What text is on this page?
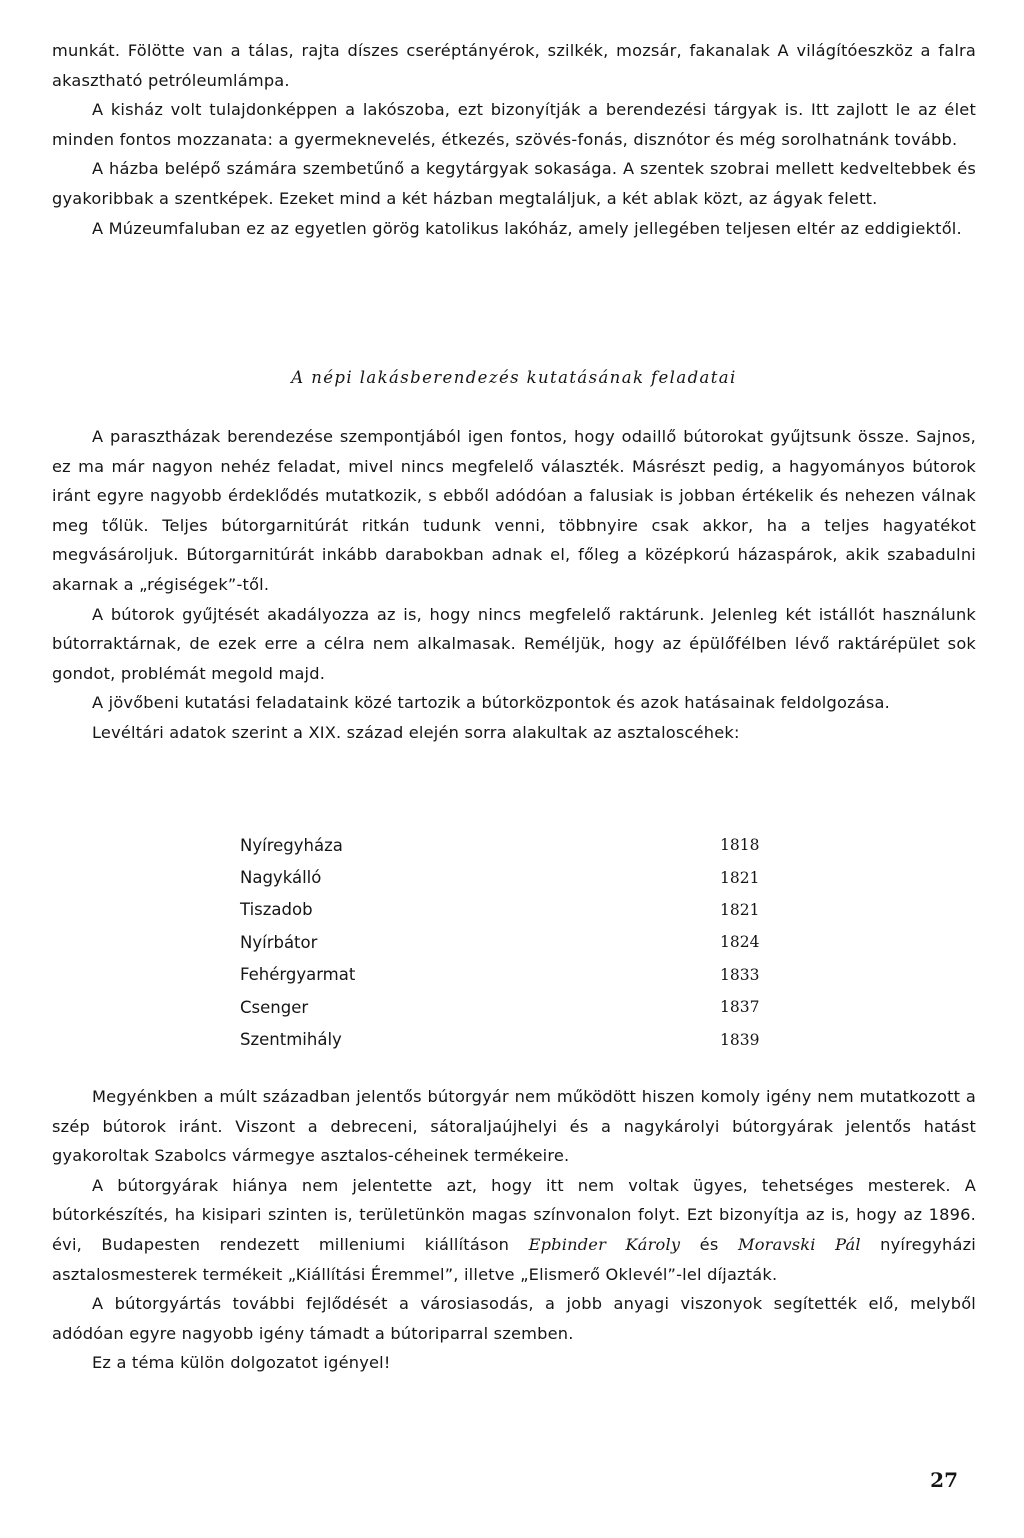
munkát. Fölötte van a tálas, rajta díszes cseréptányérok, szilkék, mozsár, fakanalak A világítóeszköz a falra akasztható petróleumlámpa.

A kisház volt tulajdonképpen a lakószoba, ezt bizonyítják a berendezési tárgyak is. Itt zajlott le az élet minden fontos mozzanata: a gyermeknevelés, étkezés, szövés-fonás, disznótor és még sorolhatnánk tovább.

A házba belépő számára szembetűnő a kegytárgyak sokasága. A szentek szobrai mellett kedveltebbek és gyakoribbak a szentképek. Ezeket mind a két házban megtaláljuk, a két ablak közt, az ágyak felett.

A Múzeumfaluban ez az egyetlen görög katolikus lakóház, amely jellegében teljesen eltér az eddigiektől.

A népi lakásberendezés kutatásának feladatai

A parasztházak berendezése szempontjából igen fontos, hogy odaillő bútorokat gyűjtsunk össze. Sajnos, ez ma már nagyon nehéz feladat, mivel nincs megfelelő választék. Másrészt pedig, a hagyományos bútorok iránt egyre nagyobb érdeklődés mutatkozik, s ebből adódóan a falusiak is jobban értékelik és nehezen válnak meg tőlük. Teljes bútorgarnitúrát ritkán tudunk venni, többnyire csak akkor, ha a teljes hagyatékot megvásároljuk. Bútorgarnitúrát inkább darabokban adnak el, főleg a középkorú házaspárok, akik szabadulni akarnak a „régiségek”-től.

A bútorok gyűjtését akadályozza az is, hogy nincs megfelelő raktárunk. Jelenleg két istállót használunk bútorraktárnak, de ezek erre a célra nem alkalmasak. Reméljük, hogy az épülőfélben lévő raktárépület sok gondot, problémát megold majd.

A jövőbeni kutatási feladataink közé tartozik a bútorközpontok és azok hatásainak feldolgozása.

Levéltári adatok szerint a XIX. század elején sorra alakultak az asztaloscéhek:

Nyíregyháza	1818
Nagykálló	1821
Tiszadob	1821
Nyírbátor	1824
Fehérgyarmat	1833
Csenger	1837
Szentmihály	1839

Megyénkben a múlt században jelentős bútorgyár nem működött hiszen komoly igény nem mutatkozott a szép bútorok iránt. Viszont a debreceni, sátoraljaújhelyi és a nagykárolyi bútorgyárak jelentős hatást gyakoroltak Szabolcs vármegye asztalos-céheinek termékeire.

A bútorgyárak hiánya nem jelentette azt, hogy itt nem voltak ügyes, tehetséges mesterek. A bútorkészítés, ha kisipari szinten is, területünkön magas színvonalon folyt. Ezt bizonyítja az is, hogy az 1896. évi, Budapesten rendezett milleniumi kiállításon Epbinder Károly és Moravski Pál nyíregyházi asztalosmesterek termékeit „Kiállítási Éremmel”, illetve „Elismerő Oklevél”-lel díjazták.

A bútorgyártás további fejlődését a városiasodás, a jobb anyagi viszonyok segítették elő, melyből adódóan egyre nagyobb igény támadt a bútoriparral szemben.

Ez a téma külön dolgozatot igényel!

27
